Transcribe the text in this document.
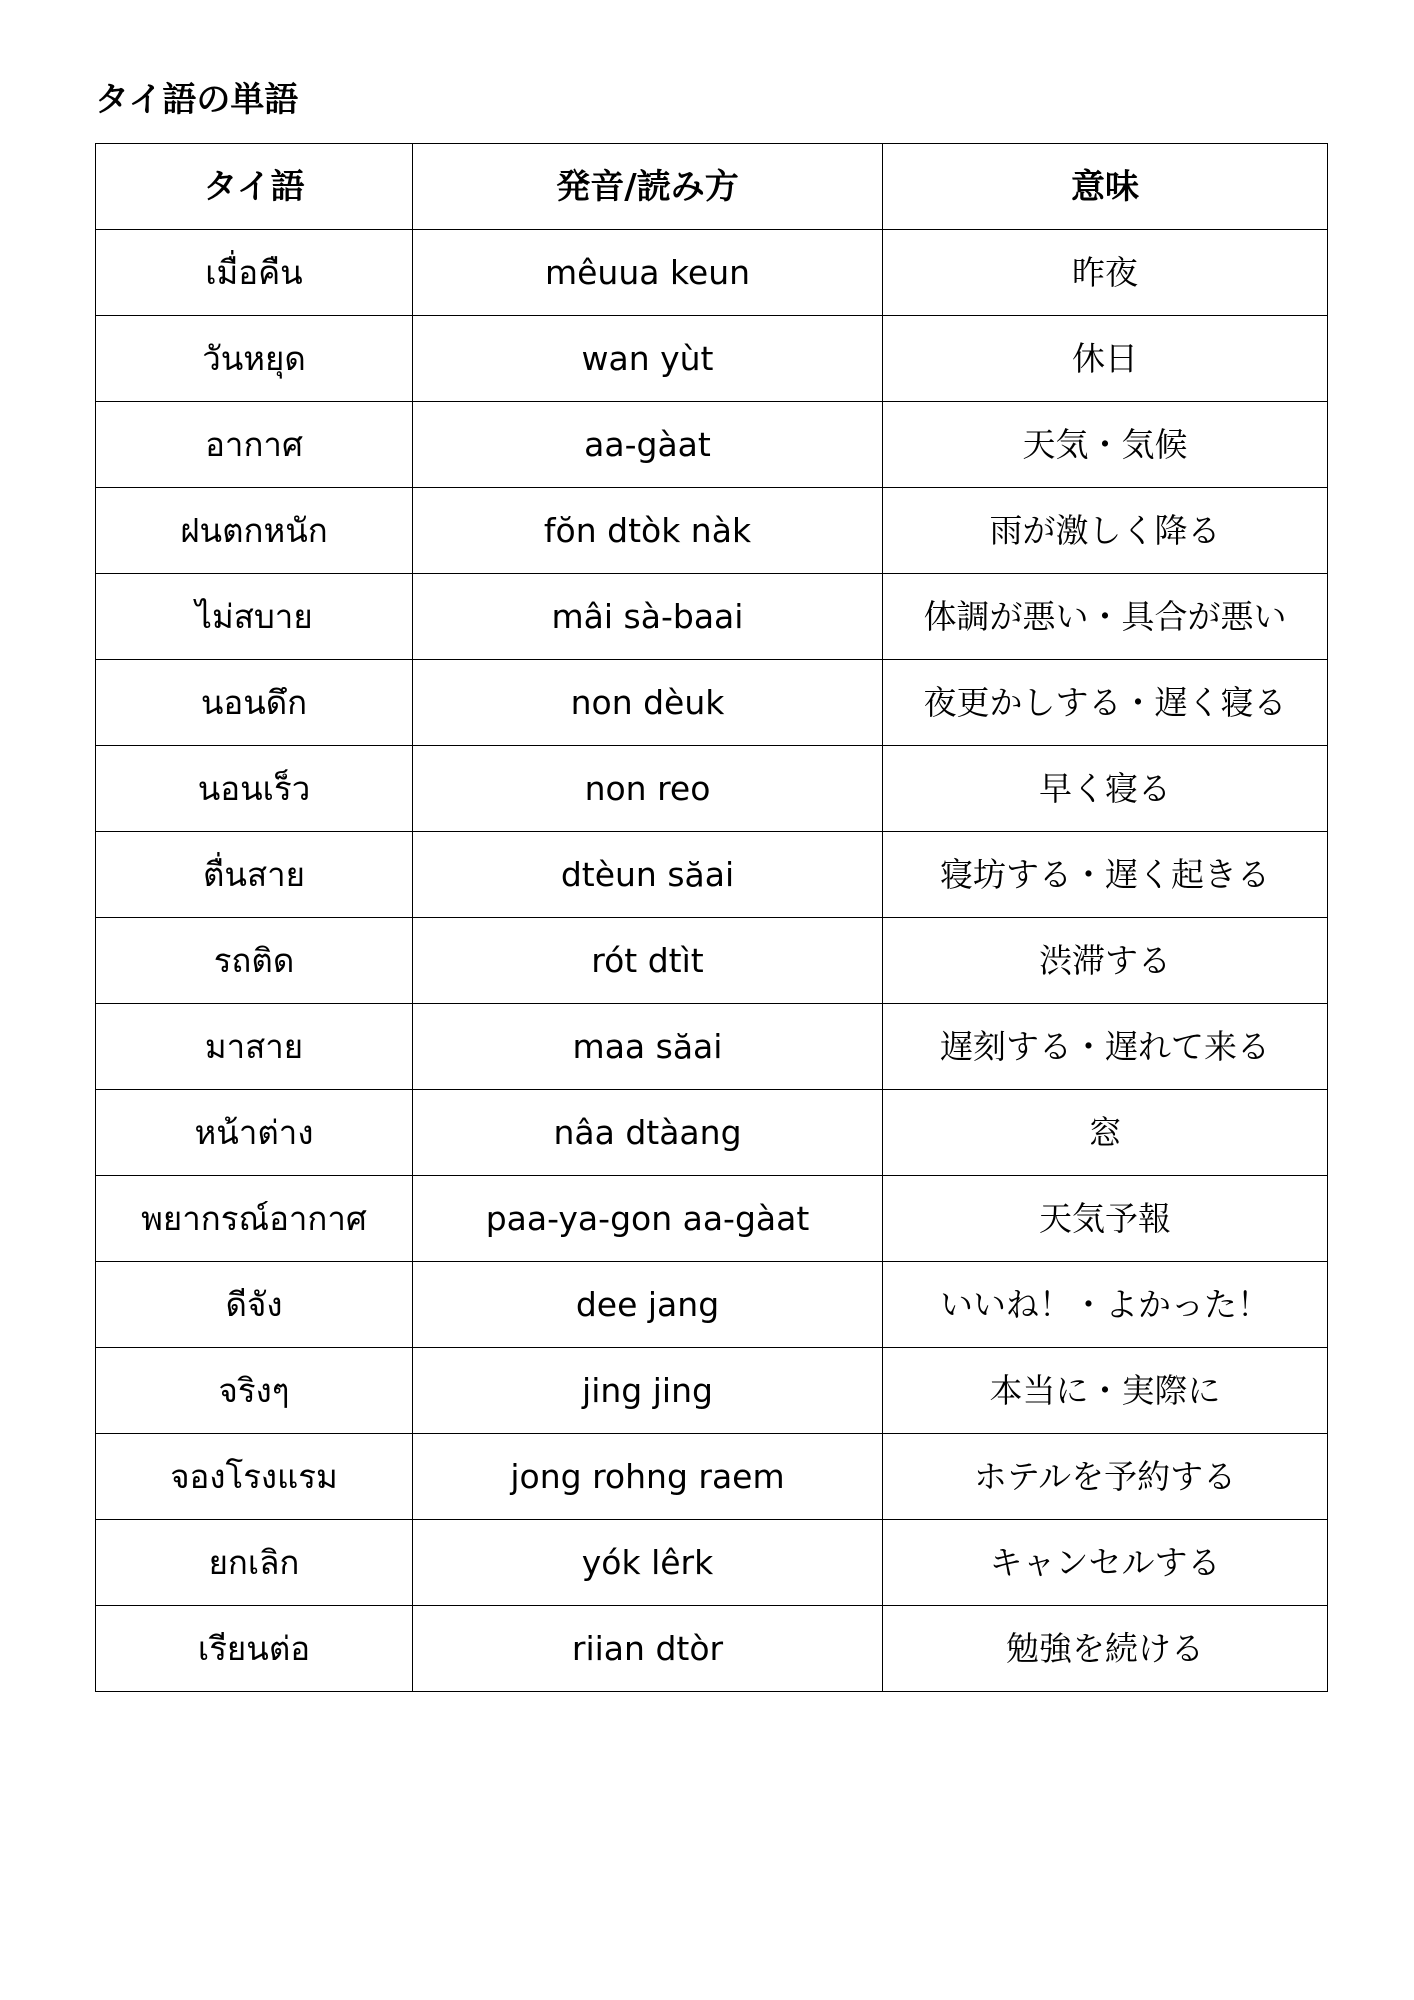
タイ語の単語
タイ語	発音/読み方	意味
เมื่อคืน	mêuua keun	昨夜
วันหยุด	wan yùt	休日
อากาศ	aa-gàat	天気・気候
ฝนตกหนัก	fŏn dtòk nàk	雨が激しく降る
ไม่สบาย	mâi sà-baai	体調が悪い・具合が悪い
นอนดึก	non dèuk	夜更かしする・遅く寝る
นอนเร็ว	non reo	早く寝る
ตื่นสาย	dtèun săai	寝坊する・遅く起きる
รถติด	rót dtìt	渋滞する
มาสาย	maa săai	遅刻する・遅れて来る
หน้าต่าง	nâa dtàang	窓
พยากรณ์อากาศ	paa-ya-gon aa-gàat	天気予報
ดีจัง	dee jang	いいね！・よかった！
จริงๆ	jing jing	本当に・実際に
จองโรงแรม	jong rohng raem	ホテルを予約する
ยกเลิก	yók lêrk	キャンセルする
เรียนต่อ	riian dtòr	勉強を続ける
